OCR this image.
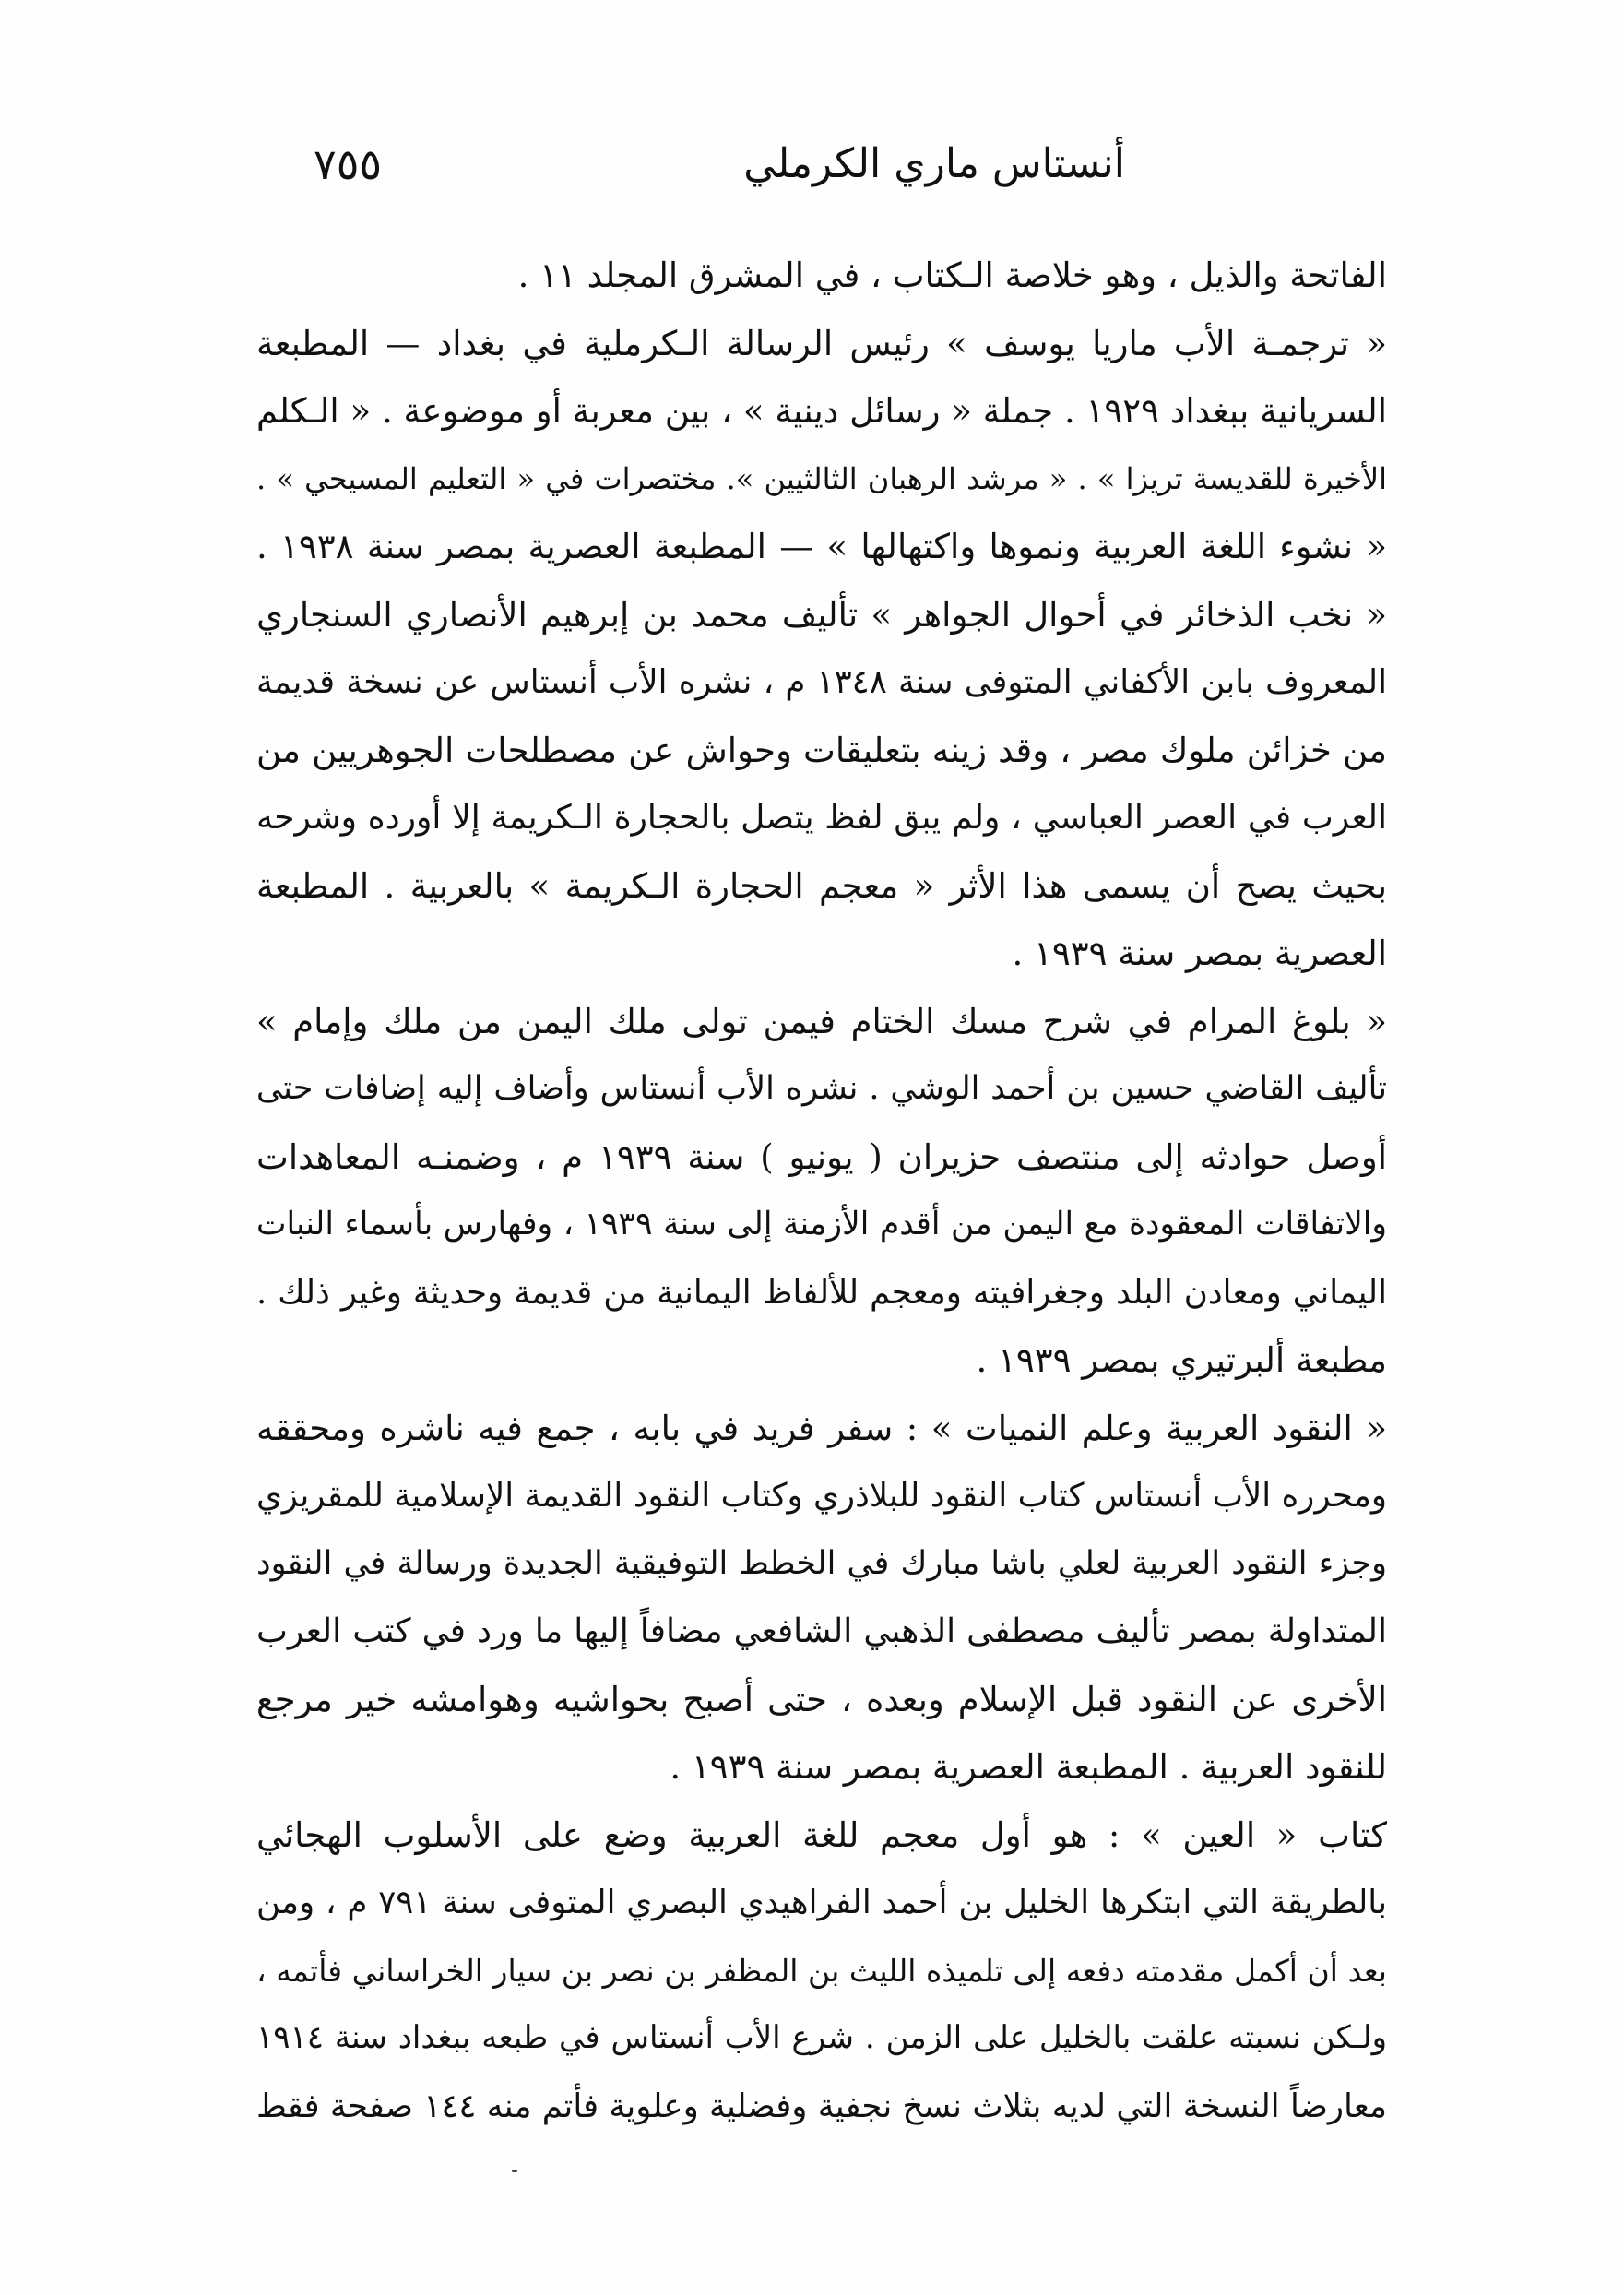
٧٥٥	أنستاس ماري الكرملي
الفاتحة والذيل ، وهو خلاصة الـكتاب ، في المشرق المجلد ١١ .
« ترجمـة الأب ماريا يوسف » رئيس الرسالة الـكرملية في بغداد — المطبعة
السريانية ببغداد ١٩٢٩ . جملة « رسائل دينية » ، بين معربة أو موضوعة . « الـكلم
الأخيرة للقديسة تريزا » . « مرشد الرهبان الثالثيين ». مختصرات في « التعليم المسيحي » .
« نشوء اللغة العربية ونموها واكتهالها » — المطبعة العصرية بمصر سنة ١٩٣٨ .
« نخب الذخائر في أحوال الجواهر » تأليف محمد بن إبرهيم الأنصاري السنجاري
المعروف بابن الأكفاني المتوفى سنة ١٣٤٨ م ، نشره الأب أنستاس عن نسخة قديمة
من خزائن ملوك مصر ، وقد زينه بتعليقات وحواش عن مصطلحات الجوهريين من
العرب في العصر العباسي ، ولم يبق لفظ يتصل بالحجارة الـكريمة إلا أورده وشرحه
بحيث يصح أن يسمى هذا الأثر « معجم الحجارة الـكريمة » بالعربية . المطبعة
العصرية بمصر سنة ١٩٣٩ .
« بلوغ المرام في شرح مسك الختام فيمن تولى ملك اليمن من ملك وإمام »
تأليف القاضي حسين بن أحمد الوشي . نشره الأب أنستاس وأضاف إليه إضافات حتى
أوصل حوادثه إلى منتصف حزيران ( يونيو ) سنة ١٩٣٩ م ، وضمنـه المعاهدات
والاتفاقات المعقودة مع اليمن من أقدم الأزمنة إلى سنة ١٩٣٩ ، وفهارس بأسماء النبات
اليماني ومعادن البلد وجغرافيته ومعجم للألفاظ اليمانية من قديمة وحديثة وغير ذلك .
مطبعة ألبرتيري بمصر ١٩٣٩ .
« النقود العربية وعلم النميات » : سفر فريد في بابه ، جمع فيه ناشره ومحققه
ومحرره الأب أنستاس كتاب النقود للبلاذري وكتاب النقود القديمة الإسلامية للمقريزي
وجزء النقود العربية لعلي باشا مبارك في الخطط التوفيقية الجديدة ورسالة في النقود
المتداولة بمصر تأليف مصطفى الذهبي الشافعي مضافاً إليها ما ورد في كتب العرب
الأخرى عن النقود قبل الإسلام وبعده ، حتى أصبح بحواشيه وهوامشه خير مرجع
للنقود العربية . المطبعة العصرية بمصر سنة ١٩٣٩ .
كتاب « العين » : هو أول معجم للغة العربية وضع على الأسلوب الهجائي
بالطريقة التي ابتكرها الخليل بن أحمد الفراهيدي البصري المتوفى سنة ٧٩١ م ، ومن
بعد أن أكمل مقدمته دفعه إلى تلميذه الليث بن المظفر بن نصر بن سيار الخراساني فأتمه ،
ولـكن نسبته علقت بالخليل على الزمن . شرع الأب أنستاس في طبعه ببغداد سنة ١٩١٤
معارضاً النسخة التي لديه بثلاث نسخ نجفية وفضلية وعلوية فأتم منه ١٤٤ صفحة فقط
